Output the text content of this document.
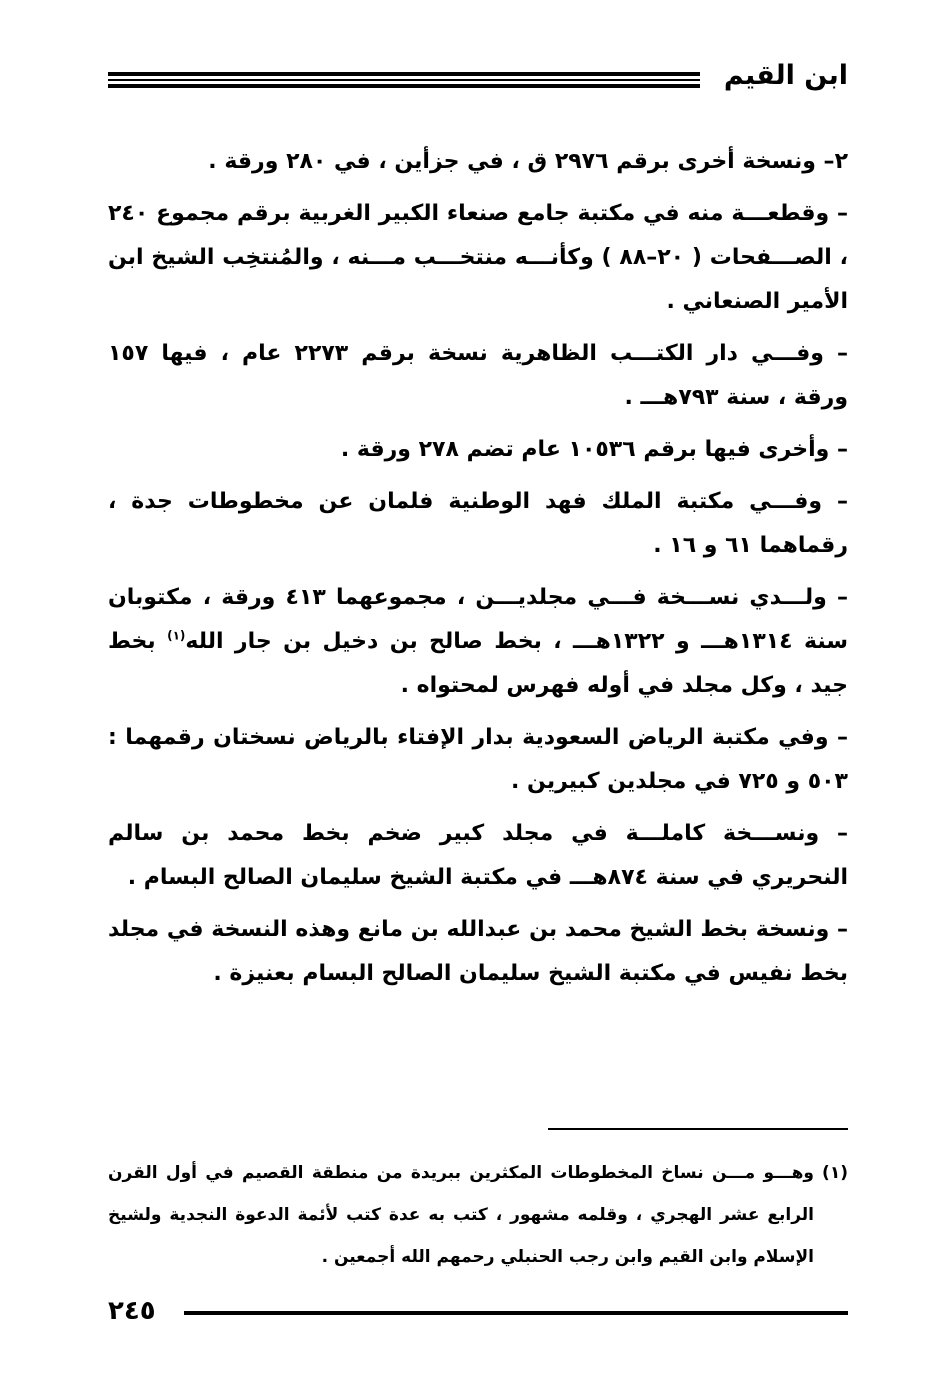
ابن القيم

٢– ونسخة أخرى برقم ٢٩٧٦ ق ، في جزأين ، في ٢٨٠ ورقة .

– وقطعـــة منه في مكتبة جامع صنعاء الكبير الغربية برقم مجموع ٢٤٠ ، الصـــفحات ( ٢٠–٨٨ ) وكأنـــه منتخـــب مـــنه ، والمُنتخِب الشيخ ابن الأمير الصنعاني .

– وفـــي دار الكتـــب الظاهرية نسخة برقم ٢٢٧٣ عام ، فيها ١٥٧ ورقة ، سنة ٧٩٣هـــ .

– وأخرى فيها برقم ١٠٥٣٦ عام تضم ٢٧٨ ورقة .

– وفـــي مكتبة الملك فهد الوطنية فلمان عن مخطوطات جدة ، رقماهما ٦١ و ١٦ .

– ولـــدي نســـخة فـــي مجلديـــن ، مجموعهما ٤١٣ ورقة ، مكتوبان سنة ١٣١٤هـــ و ١٣٢٢هـــ ، بخط صالح بن دخيل بن جار الله$^{(١)}$ بخط جيد ، وكل مجلد في أوله فهرس لمحتواه .

– وفي مكتبة الرياض السعودية بدار الإفتاء بالرياض نسختان رقمهما : ٥٠٣ و ٧٢٥ في مجلدين كبيرين .

– ونســـخة كاملـــة في مجلد كبير ضخم بخط محمد بن سالم النحريري في سنة ٨٧٤هـــ في مكتبة الشيخ سليمان الصالح البسام .

– ونسخة بخط الشيخ محمد بن عبدالله بن مانع وهذه النسخة في مجلد بخط نفيس في مكتبة الشيخ سليمان الصالح البسام بعنيزة .

(١)
وهـــو مـــن نساخ المخطوطات المكثرين ببريدة من منطقة القصيم في أول القرن الرابع عشر الهجري ، وقلمه مشهور ، كتب به عدة كتب لأئمة الدعوة النجدية ولشيخ الإسلام وابن القيم وابن رجب الحنبلي رحمهم الله أجمعين .
٢٤٥
